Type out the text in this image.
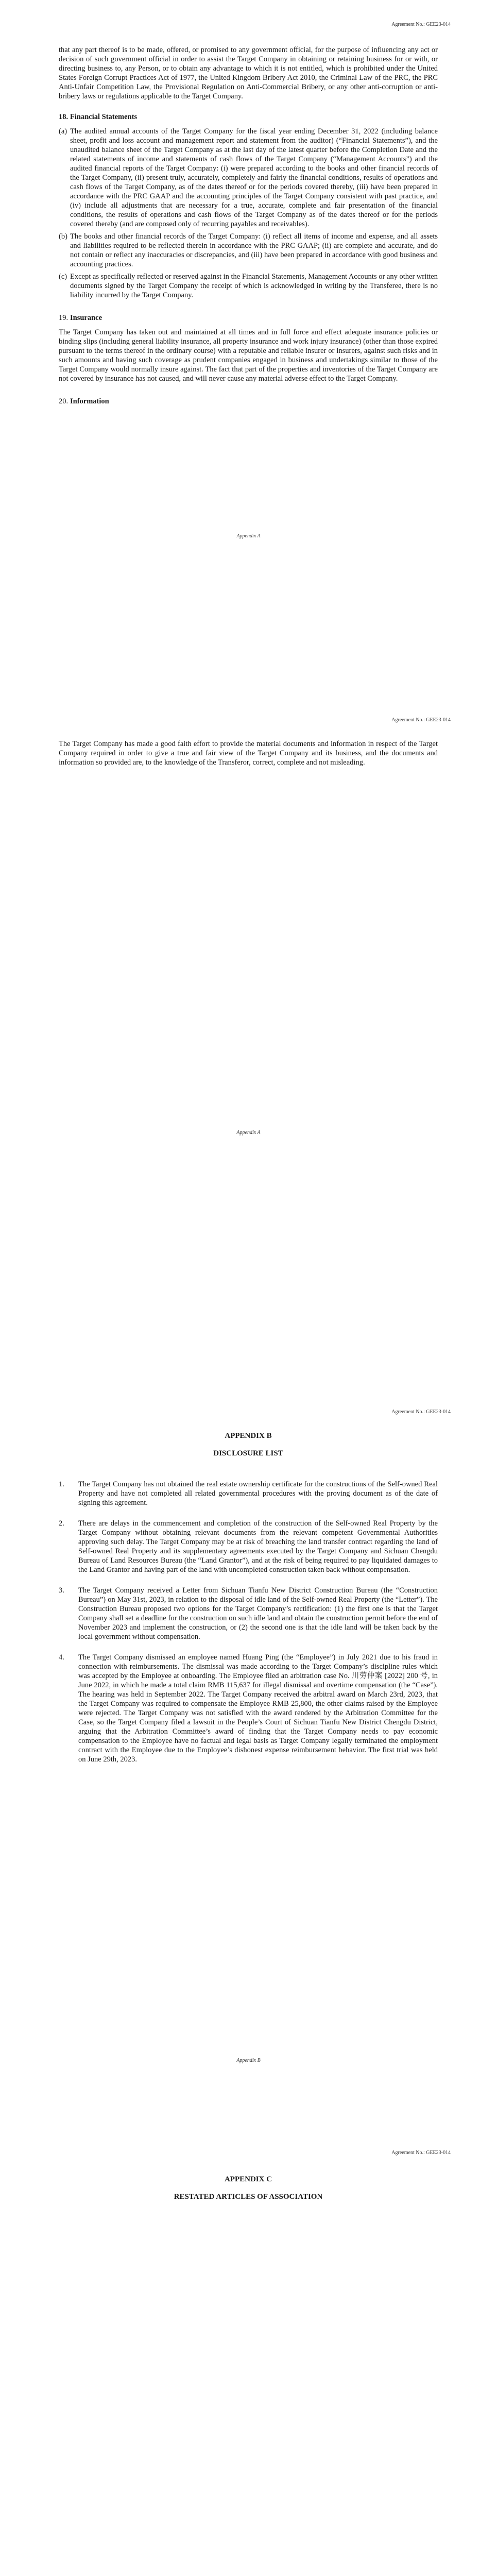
Agreement No.: GEE23-014

that any part thereof is to be made, offered, or promised to any government official, for the purpose of influencing any act or decision of such government official in order to assist the Target Company in obtaining or retaining business for or with, or directing business to, any Person, or to obtain any advantage to which it is not entitled, which is prohibited under the United States Foreign Corrupt Practices Act of 1977, the United Kingdom Bribery Act 2010, the Criminal Law of the PRC, the PRC Anti-Unfair Competition Law, the Provisional Regulation on Anti-Commercial Bribery, or any other anti-corruption or anti-bribery laws or regulations applicable to the Target Company.

18. Financial Statements
(a) The audited annual accounts of the Target Company for the fiscal year ending December 31, 2022 (including balance sheet, profit and loss account and management report and statement from the auditor) (“Financial Statements”), and the unaudited balance sheet of the Target Company as at the last day of the latest quarter before the Completion Date and the related statements of income and statements of cash flows of the Target Company (“Management Accounts”) and the audited financial reports of the Target Company: (i) were prepared according to the books and other financial records of the Target Company, (ii) present truly, accurately, completely and fairly the financial conditions, results of operations and cash flows of the Target Company, as of the dates thereof or for the periods covered thereby, (iii) have been prepared in accordance with the PRC GAAP and the accounting principles of the Target Company consistent with past practice, and (iv) include all adjustments that are necessary for a true, accurate, complete and fair presentation of the financial conditions, the results of operations and cash flows of the Target Company as of the dates thereof or for the periods covered thereby (and are composed only of recurring payables and receivables).
(b) The books and other financial records of the Target Company: (i) reflect all items of income and expense, and all assets and liabilities required to be reflected therein in accordance with the PRC GAAP; (ii) are complete and accurate, and do not contain or reflect any inaccuracies or discrepancies, and (iii) have been prepared in accordance with good business and accounting practices.
(c) Except as specifically reflected or reserved against in the Financial Statements, Management Accounts or any other written documents signed by the Target Company the receipt of which is acknowledged in writing by the Transferee, there is no liability incurred by the Target Company.
19. Insurance

The Target Company has taken out and maintained at all times and in full force and effect adequate insurance policies or binding slips (including general liability insurance, all property insurance and work injury insurance) (other than those expired pursuant to the terms thereof in the ordinary course) with a reputable and reliable insurer or insurers, against such risks and in such amounts and having such coverage as prudent companies engaged in business and undertakings similar to those of the Target Company would normally insure against. The fact that part of the properties and inventories of the Target Company are not covered by insurance has not caused, and will never cause any material adverse effect to the Target Company.

20. Information
Appendix A
Agreement No.: GEE23-014

The Target Company has made a good faith effort to provide the material documents and information in respect of the Target Company required in order to give a true and fair view of the Target Company and its business, and the documents and information so provided are, to the knowledge of the Transferor, correct, complete and not misleading.

Appendix A
Agreement No.: GEE23-014
APPENDIX B
DISCLOSURE LIST
1.	The Target Company has not obtained the real estate ownership certificate for the constructions of the Self-owned Real Property and have not completed all related governmental procedures with the proving document as of the date of signing this agreement.
2.	There are delays in the commencement and completion of the construction of the Self-owned Real Property by the Target Company without obtaining relevant documents from the relevant competent Governmental Authorities approving such delay. The Target Company may be at risk of breaching the land transfer contract regarding the land of Self-owned Real Property and its supplementary agreements executed by the Target Company and Sichuan Chengdu Bureau of Land Resources Bureau (the “Land Grantor”), and at the risk of being required to pay liquidated damages to the Land Grantor and having part of the land with uncompleted construction taken back without compensation.
3.	The Target Company received a Letter from Sichuan Tianfu New District Construction Bureau (the “Construction Bureau”) on May 31st, 2023, in relation to the disposal of idle land of the Self-owned Real Property (the “Letter”). The Construction Bureau proposed two options for the Target Company’s rectification: (1) the first one is that the Target Company shall set a deadline for the construction on such idle land and obtain the construction permit before the end of November 2023 and implement the construction, or (2) the second one is that the idle land will be taken back by the local government without compensation.
4.	The Target Company dismissed an employee named Huang Ping (the “Employee”) in July 2021 due to his fraud in connection with reimbursements. The dismissal was made according to the Target Company’s discipline rules which was accepted by the Employee at onboarding. The Employee filed an arbitration case No. 川劳仲案 [2022] 200 号, in June 2022, in which he made a total claim RMB 115,637 for illegal dismissal and overtime compensation (the “Case”). The hearing was held in September 2022. The Target Company received the arbitral award on March 23rd, 2023, that the Target Company was required to compensate the Employee RMB 25,800, the other claims raised by the Employee were rejected. The Target Company was not satisfied with the award rendered by the Arbitration Committee for the Case, so the Target Company filed a lawsuit in the People’s Court of Sichuan Tianfu New District Chengdu District, arguing that the Arbitration Committee’s award of finding that the Target Company needs to pay economic compensation to the Employee have no factual and legal basis as Target Company legally terminated the employment contract with the Employee due to the Employee’s dishonest expense reimbursement behavior. The first trial was held on June 29th, 2023.
Appendix B
Agreement No.: GEE23-014
APPENDIX C
RESTATED ARTICLES OF ASSOCIATION
